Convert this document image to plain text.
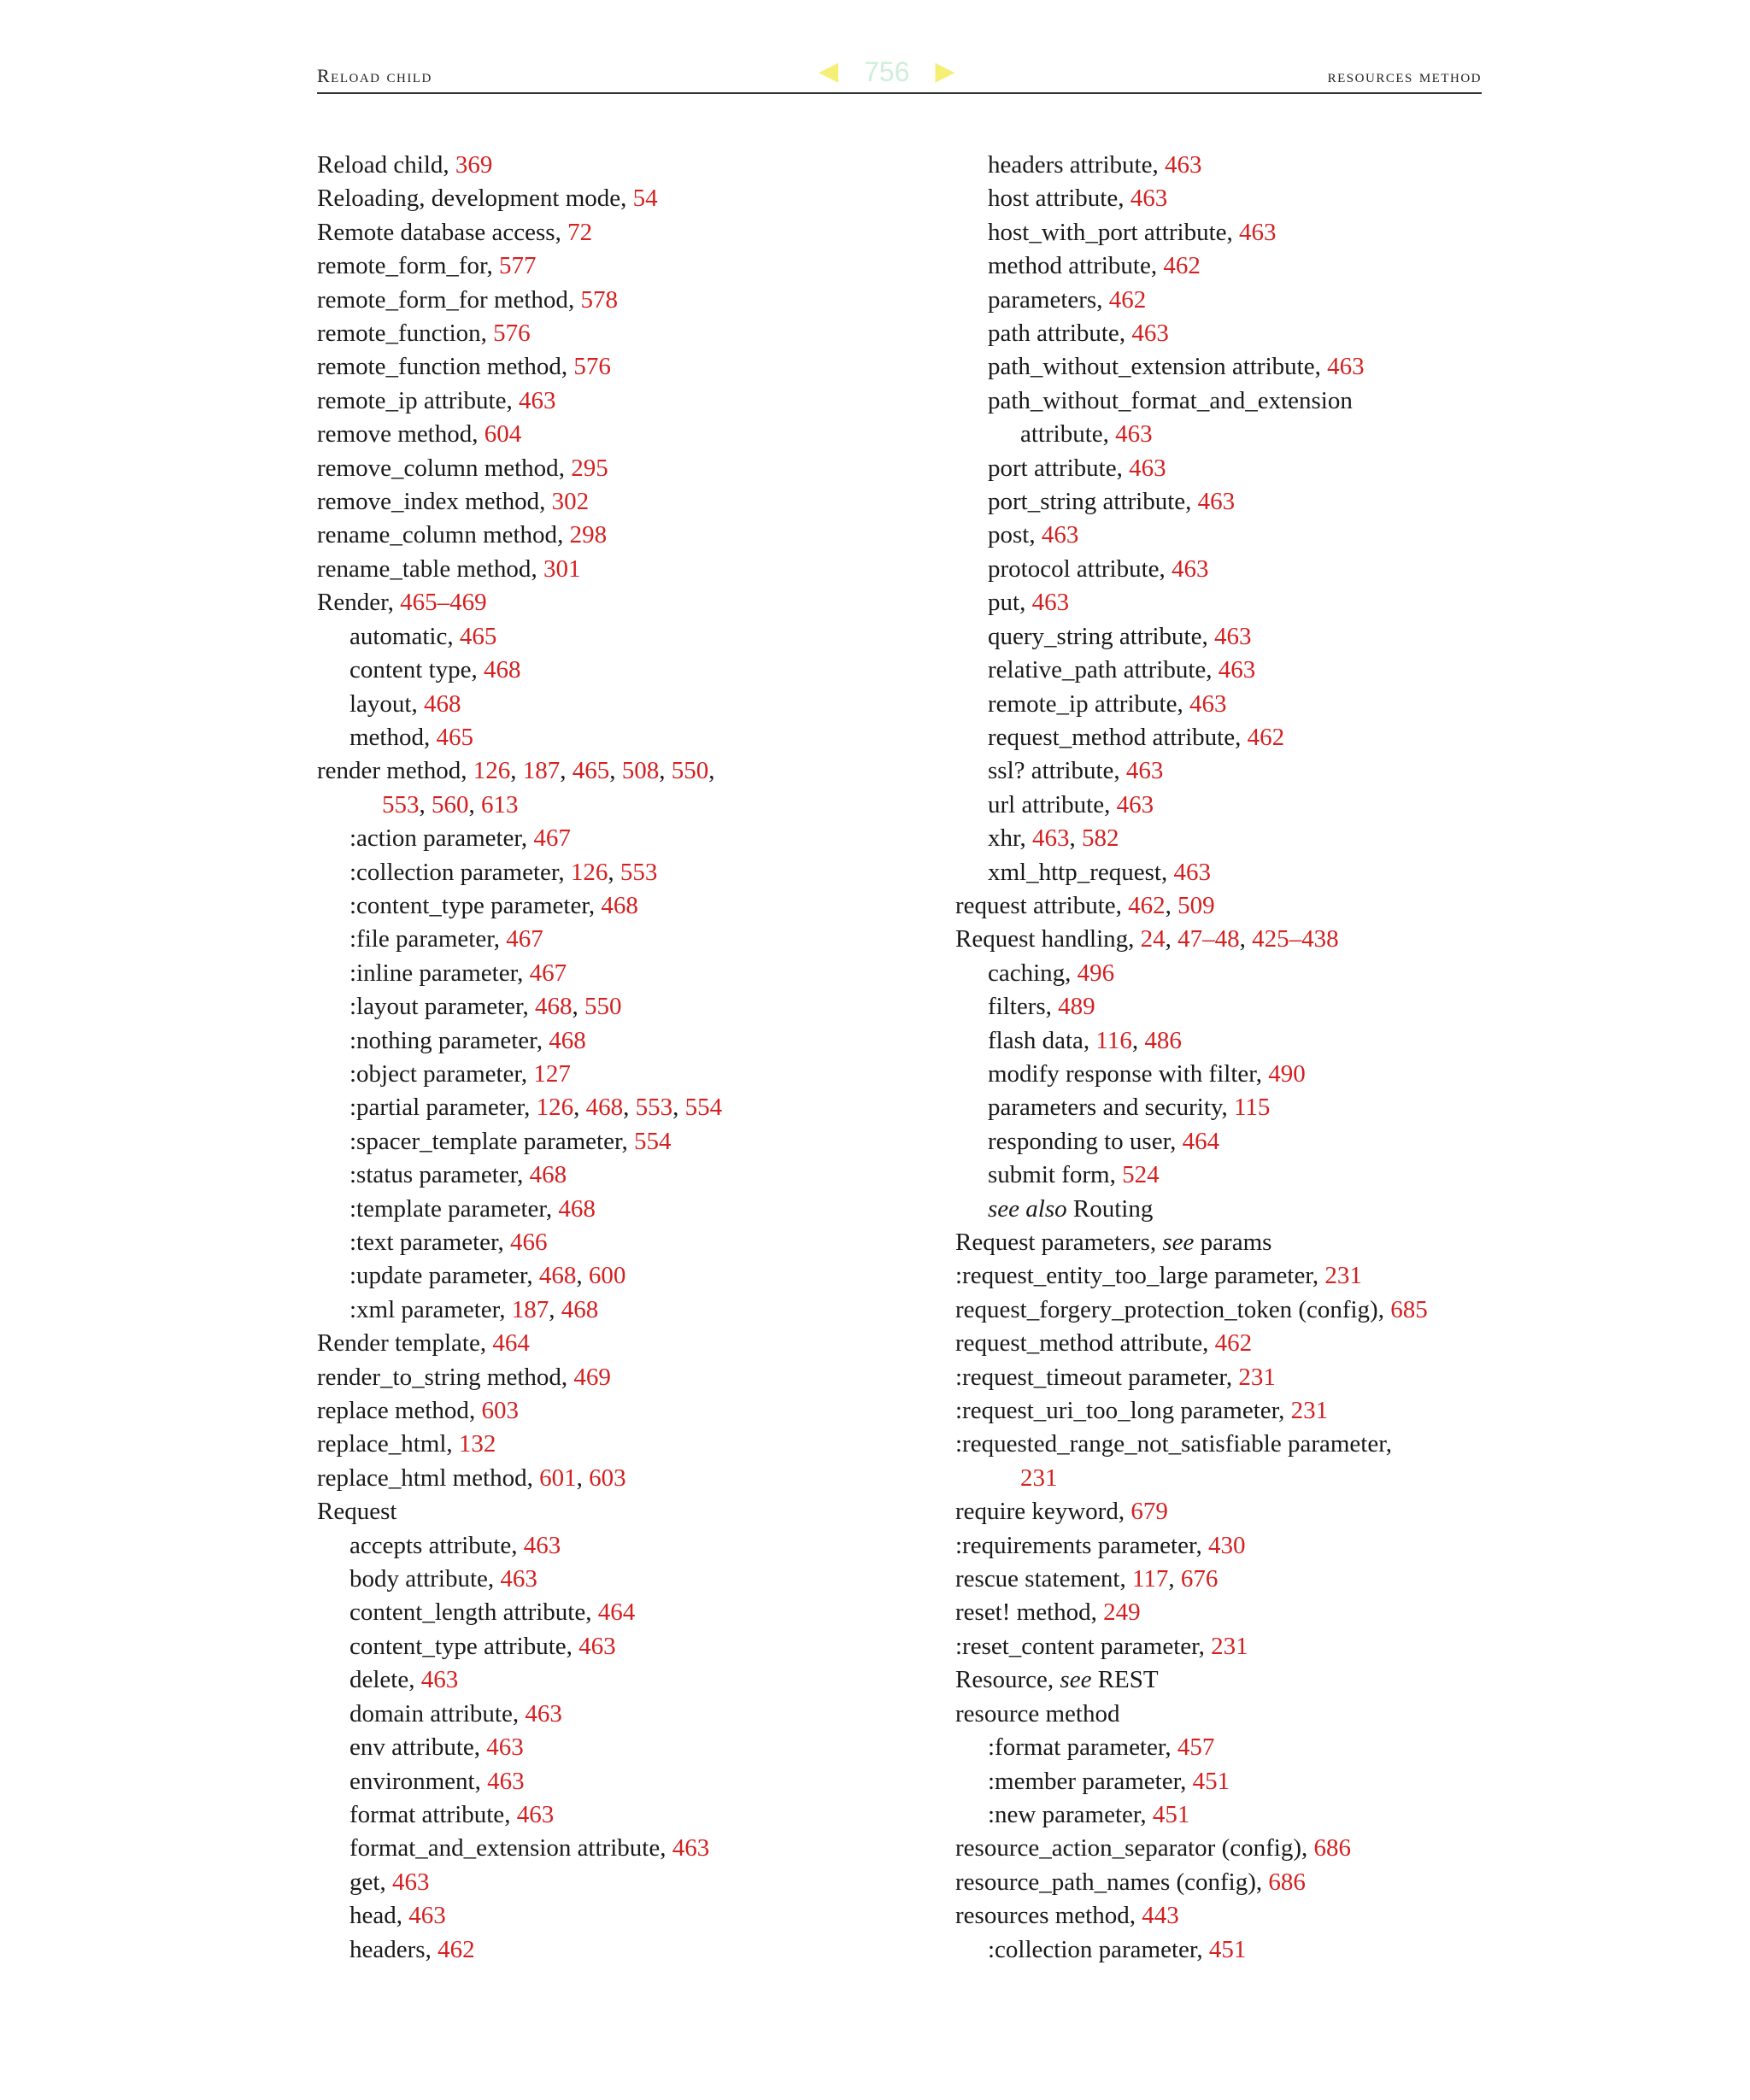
Reload child	resources method
◀ 756 ▶
Reload child, 369
Reloading, development mode, 54
Remote database access, 72
remote_form_for, 577
remote_form_for method, 578
remote_function, 576
remote_function method, 576
remote_ip attribute, 463
remove method, 604
remove_column method, 295
remove_index method, 302
rename_column method, 298
rename_table method, 301
Render, 465–469
automatic, 465
content type, 468
layout, 468
method, 465
render method, 126, 187, 465, 508, 550,
553, 560, 613
:action parameter, 467
:collection parameter, 126, 553
:content_type parameter, 468
:file parameter, 467
:inline parameter, 467
:layout parameter, 468, 550
:nothing parameter, 468
:object parameter, 127
:partial parameter, 126, 468, 553, 554
:spacer_template parameter, 554
:status parameter, 468
:template parameter, 468
:text parameter, 466
:update parameter, 468, 600
:xml parameter, 187, 468
Render template, 464
render_to_string method, 469
replace method, 603
replace_html, 132
replace_html method, 601, 603
Request
accepts attribute, 463
body attribute, 463
content_length attribute, 464
content_type attribute, 463
delete, 463
domain attribute, 463
env attribute, 463
environment, 463
format attribute, 463
format_and_extension attribute, 463
get, 463
head, 463
headers, 462
headers attribute, 463
host attribute, 463
host_with_port attribute, 463
method attribute, 462
parameters, 462
path attribute, 463
path_without_extension attribute, 463
path_without_format_and_extension
attribute, 463
port attribute, 463
port_string attribute, 463
post, 463
protocol attribute, 463
put, 463
query_string attribute, 463
relative_path attribute, 463
remote_ip attribute, 463
request_method attribute, 462
ssl? attribute, 463
url attribute, 463
xhr, 463, 582
xml_http_request, 463
request attribute, 462, 509
Request handling, 24, 47–48, 425–438
caching, 496
filters, 489
flash data, 116, 486
modify response with filter, 490
parameters and security, 115
responding to user, 464
submit form, 524
see also Routing
Request parameters, see params
:request_entity_too_large parameter, 231
request_forgery_protection_token (config), 685
request_method attribute, 462
:request_timeout parameter, 231
:request_uri_too_long parameter, 231
:requested_range_not_satisfiable parameter,
231
require keyword, 679
:requirements parameter, 430
rescue statement, 117, 676
reset! method, 249
:reset_content parameter, 231
Resource, see REST
resource method
:format parameter, 457
:member parameter, 451
:new parameter, 451
resource_action_separator (config), 686
resource_path_names (config), 686
resources method, 443
:collection parameter, 451
